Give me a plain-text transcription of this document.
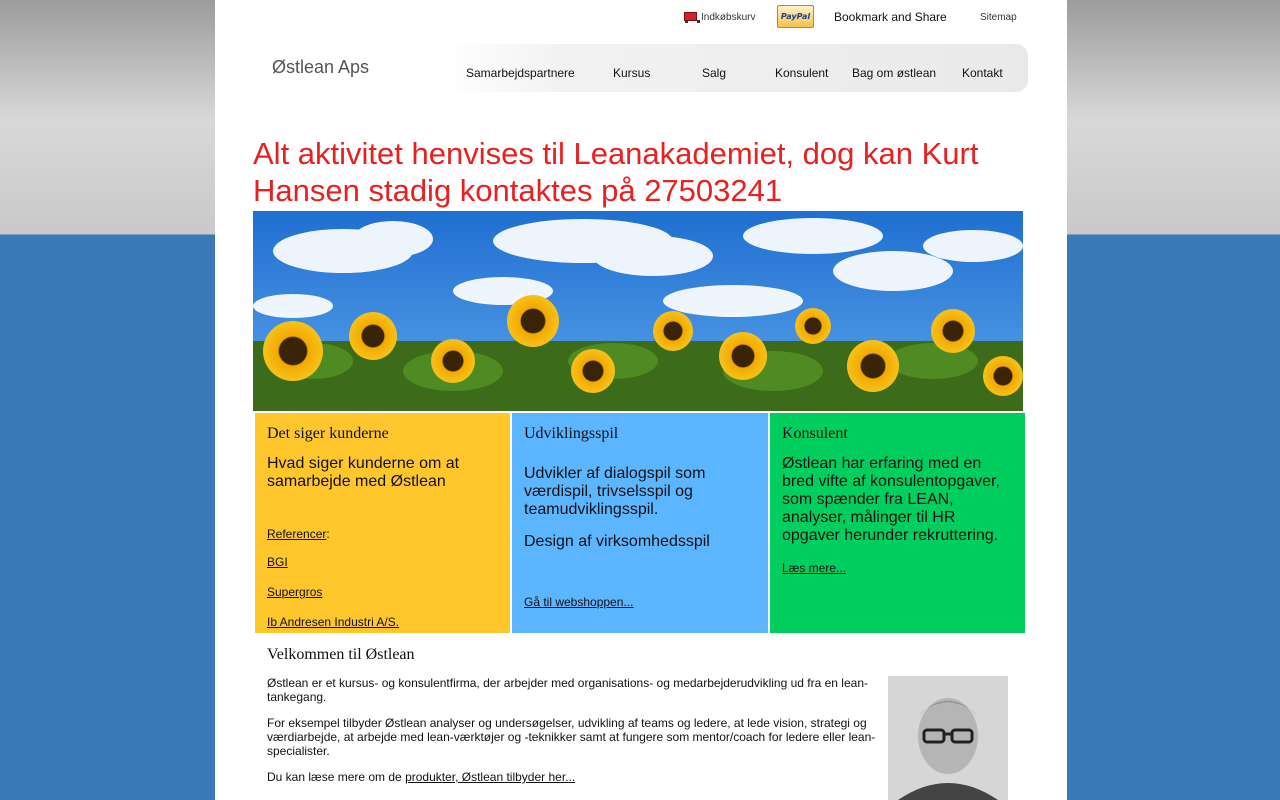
Indkøbskurv	PayPal Bookmark and Share	Sitemap
Østlean Aps	Samarbejdspartnere	Kursus	Salg	Konsulent Bag om østlean Kontakt
Alt aktivitet henvises til Leanakademiet, dog kan Kurt Hansen stadig kontaktes på 27503241
Det siger kunderne
Hvad siger kunderne om at samarbejde med Østlean
Referencer:
BGI
Supergros
Ib Andresen Industri A/S.
Udviklingsspil
Udvikler af dialogspil som værdispil, trivselsspil og teamudviklingsspil.
Design af virksomhedsspil
Gå til webshoppen...
Konsulent
Østlean har erfaring med en bred vifte af konsulentopgaver, som spænder fra LEAN, analyser, målinger til HR opgaver herunder rekruttering.
Læs mere...
Velkommen til Østlean

Østlean er et kursus- og konsulentfirma, der arbejder med organisations- og medarbejderudvikling ud fra en lean-tankegang.

For eksempel tilbyder Østlean analyser og undersøgelser, udvikling af teams og ledere, at lede vision, strategi og værdiarbejde, at arbejde med lean-værktøjer og -teknikker samt at fungere som mentor/coach for ledere eller lean-specialister.

Du kan læse mere om de produkter, Østlean tilbyder her...
